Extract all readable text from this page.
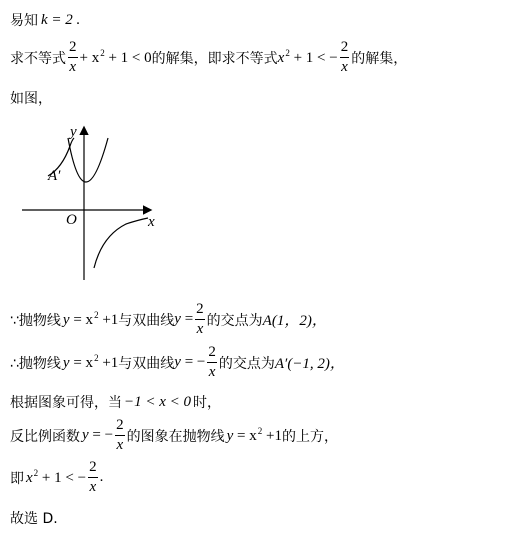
易知 k = 2 .
求不等式 $\frac{2}{x} + x^2 + 1 < 0$ 的解集，即求不等式 $x^2 + 1$ < − $\frac{2}{x}$ 的解集，
如图，
y
x
O
A′
∵抛物线 $y = x^2 +1$ 与双曲线 $y = \frac{2}{x}$ 的交点为 A(1，2)，
∴抛物线 $y = x^2 +1$ 与双曲线 y = − $\frac{2}{x}$ 的交点为 A′(−1, 2)，
根据图象可得，当 −1 < x < 0 时，
反比例函数 y = − $\frac{2}{x}$ 的图象在抛物线 $y = x^2 +1$ 的上方，
即 $x^2 + 1$ < − $\frac{2}{x}$ .
故选 D.
